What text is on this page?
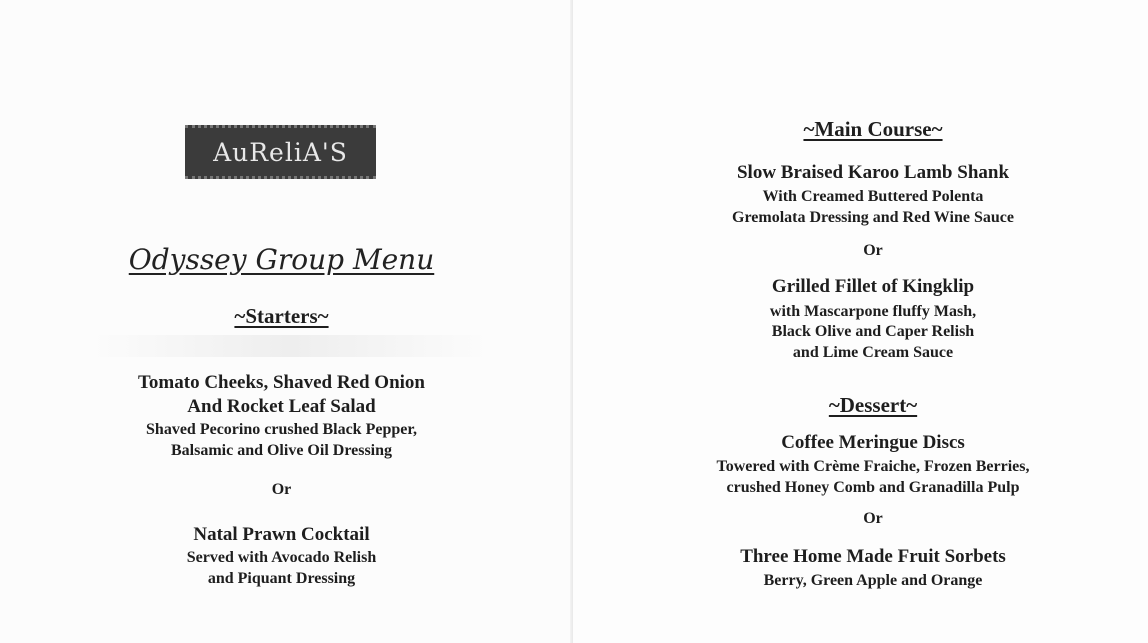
AuReliA'S
Odyssey Group Menu

~Starters~

Tomato Cheeks, Shaved Red Onion

And Rocket Leaf Salad

Shaved Pecorino crushed Black Pepper,

Balsamic and Olive Oil Dressing

Or

Natal Prawn Cocktail

Served with Avocado Relish

and Piquant Dressing

~Main Course~

Slow Braised Karoo Lamb Shank

With Creamed Buttered Polenta

Gremolata Dressing and Red Wine Sauce

Or

Grilled Fillet of Kingklip

with Mascarpone fluffy Mash,

Black Olive and Caper Relish

and Lime Cream Sauce

~Dessert~

Coffee Meringue Discs

Towered with Crème Fraiche, Frozen Berries,

crushed Honey Comb and Granadilla Pulp

Or

Three Home Made Fruit Sorbets

Berry, Green Apple and Orange
